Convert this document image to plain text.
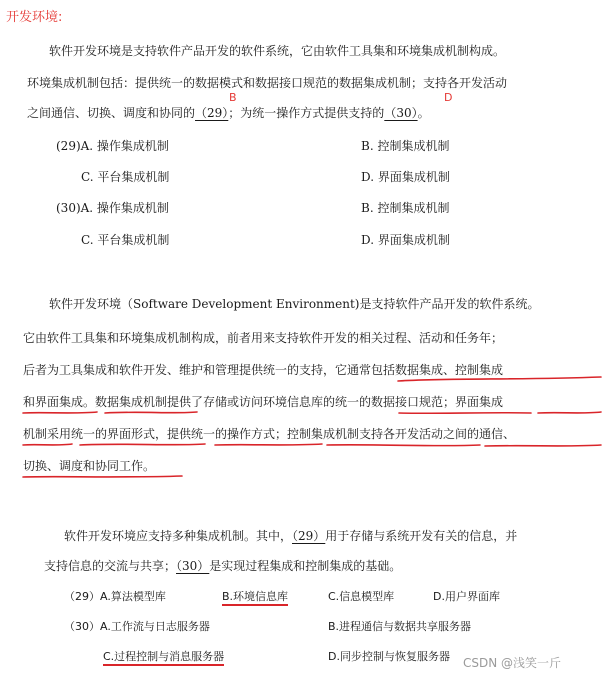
开发环境:
软件开发环境是支持软件产品开发的软件系统，它由软件工具集和环境集成机制构成。
环境集成机制包括：提供统一的数据模式和数据接口规范的数据集成机制；支持各开发活动
之间通信、切换、调度和协同的（29）；为统一操作方式提供支持的（30）。
B	D
(29)A. 操作集成机制	B. 控制集成机制
C. 平台集成机制	D. 界面集成机制
(30)A. 操作集成机制	B. 控制集成机制
C. 平台集成机制	D. 界面集成机制
软件开发环境（Software Development Environment)是支持软件产品开发的软件系统。
它由软件工具集和环境集成机制构成，前者用来支持软件开发的相关过程、活动和任务年；
后者为工具集成和软件开发、维护和管理提供统一的支持，它通常包括数据集成、控制集成
和界面集成。数据集成机制提供了存储或访问环境信息库的统一的数据接口规范；界面集成
机制采用统一的界面形式，提供统一的操作方式；控制集成机制支持各开发活动之间的通信、
切换、调度和协同工作。
软件开发环境应支持多种集成机制。其中，（29）用于存储与系统开发有关的信息，并
支持信息的交流与共享；（30）是实现过程集成和控制集成的基础。
（29）A.算法模型库	B.环境信息库	C.信息模型库	D.用户界面库
（30）A.工作流与日志服务器	B.进程通信与数据共享服务器
C.过程控制与消息服务器	D.同步控制与恢复服务器 CSDN @浅笑一斤
